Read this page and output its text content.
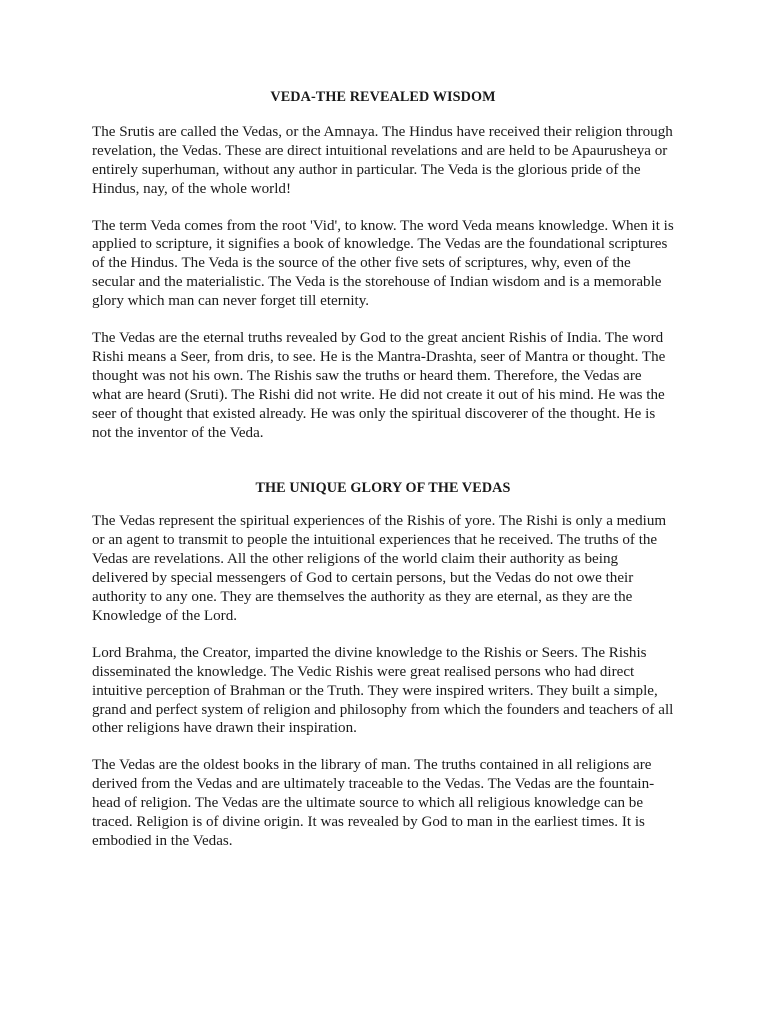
VEDA-THE REVEALED WISDOM

The Srutis are called the Vedas, or the Amnaya. The Hindus have received their religion through revelation, the Vedas. These are direct intuitional revelations and are held to be Apaurusheya or entirely superhuman, without any author in particular. The Veda is the glorious pride of the Hindus, nay, of the whole world!

The term Veda comes from the root 'Vid', to know. The word Veda means knowledge. When it is applied to scripture, it signifies a book of knowledge. The Vedas are the foundational scriptures of the Hindus. The Veda is the source of the other five sets of scriptures, why, even of the secular and the materialistic. The Veda is the storehouse of Indian wisdom and is a memorable glory which man can never forget till eternity.

The Vedas are the eternal truths revealed by God to the great ancient Rishis of India. The word Rishi means a Seer, from dris, to see. He is the Mantra-Drashta, seer of Mantra or thought. The thought was not his own. The Rishis saw the truths or heard them. Therefore, the Vedas are what are heard (Sruti). The Rishi did not write. He did not create it out of his mind. He was the seer of thought that existed already. He was only the spiritual discoverer of the thought. He is not the inventor of the Veda.

THE UNIQUE GLORY OF THE VEDAS

The Vedas represent the spiritual experiences of the Rishis of yore. The Rishi is only a medium or an agent to transmit to people the intuitional experiences that he received. The truths of the Vedas are revelations. All the other religions of the world claim their authority as being delivered by special messengers of God to certain persons, but the Vedas do not owe their authority to any one. They are themselves the authority as they are eternal, as they are the Knowledge of the Lord.

Lord Brahma, the Creator, imparted the divine knowledge to the Rishis or Seers. The Rishis disseminated the knowledge. The Vedic Rishis were great realised persons who had direct intuitive perception of Brahman or the Truth. They were inspired writers. They built a simple, grand and perfect system of religion and philosophy from which the founders and teachers of all other religions have drawn their inspiration.

The Vedas are the oldest books in the library of man. The truths contained in all religions are derived from the Vedas and are ultimately traceable to the Vedas. The Vedas are the fountain-head of religion. The Vedas are the ultimate source to which all religious knowledge can be traced. Religion is of divine origin. It was revealed by God to man in the earliest times. It is embodied in the Vedas.
